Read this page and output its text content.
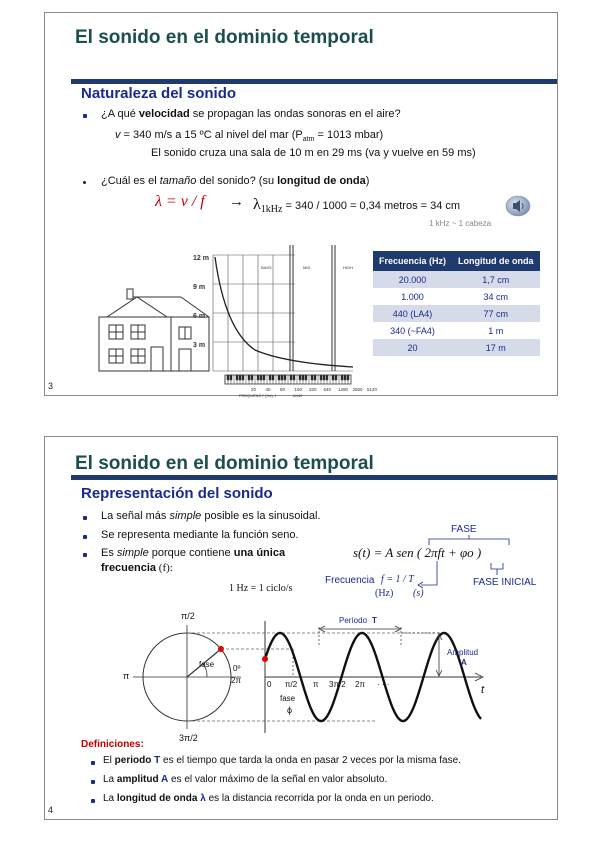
El sonido en el dominio temporal
Naturaleza del sonido
¿A qué velocidad se propagan las ondas sonoras en el aire?
v = 340 m/s a 15 ºC al nivel del mar ($P_{atm} = 1013$ mbar)
El sonido cruza una sala de 10 m en 29 ms (va y vuelve en 59 ms)
¿Cuál es el tamaño del sonido? (su longitud de onda)
$\lambda = v / f \to \lambda_{1kHz} = 340 / 1000 = 0,34$ metros = 34 cm
1 kHz ~ 1 cabeza
12 m
9 m
6 m
3 m
BASS	MID	HIGH
20 40 80 160 320 640 1280 2560 5120
FREQUENCY (Hz), f	A440
Frecuencia (Hz)	Longitud de onda
20.000	1,7 cm
1.000	34 cm
440 (LA4)	77 cm
340 (~FA4)	1 m
20	17 m
3
El sonido en el dominio temporal
Representación del sonido
La señal más simple posible es la sinusoidal.
Se representa mediante la función seno.
Es simple porque contiene una única
frecuencia (f):
1 Hz = 1 ciclo/s
FASE
s(t) = A sen ( 2πft + φo )
Frecuencia f = 1 / T
(Hz) (s)
FASE INICIAL
π/2
π
3π/2
0º
2π
fase
0 π/2 π 3π/2 2π · · ·
fase
ϕ
t
Período T
Amplitud
A
Definiciones:
El periodo T es el tiempo que tarda la onda en pasar 2 veces por la misma fase.
La amplitud A es el valor máximo de la señal en valor absoluto.
La longitud de onda λ es la distancia recorrida por la onda en un periodo.
4
